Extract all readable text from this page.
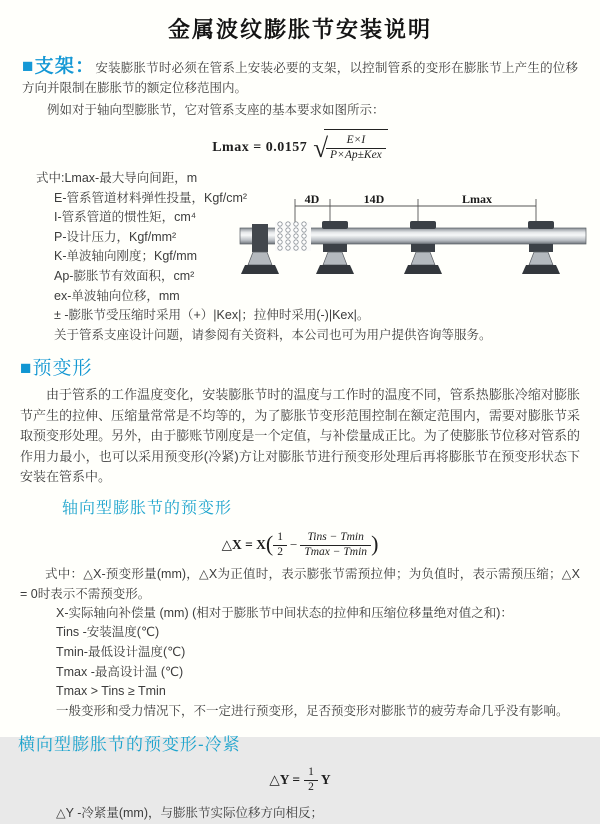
金属波纹膨胀节安装说明

■支架：安装膨胀节时必须在管系上安装必要的支架，以控制管系的变形在膨胀节上产生的位移方向并限制在膨胀节的额定位移范围内。

例如对于轴向型膨胀节，它对管系支座的基本要求如图所示：

Lmax = 0.0157 √
$\frac{E\times I}{\text{P×Ap±Kex}}$

式中:Lmax-最大导向间距，m

E-管系管道材料弹性投量，Kgf/cm²

I-管系管道的惯性矩，cm⁴

P-设计压力，Kgf/mm²

K-单波轴向刚度；Kgf/mm

Ap-膨胀节有效面积，cm²

ex-单波轴向位移，mm

± -膨胀节受压缩时采用（+）|Kex|；拉伸时采用(-)|Kex|。

关于管系支座设计问题，请参阅有关资料，本公司也可为用户提供咨询等服务。

4D	14D	Lmax
■预变形

由于管系的工作温度变化，安装膨胀节时的温度与工作时的温度不同，管系热膨胀冷缩对膨胀节产生的拉伸、压缩量常常是不均等的，为了膨胀节变形范围控制在额定范围内，需要对膨胀节采取预变形处理。另外，由于膨账节刚度是一个定值，与补偿量成正比。为了使膨胀节位移对管系的作用力最小，也可以采用预变形(冷紧)方让对膨胀节进行预变形处理后再将膨胀节在预变形状态下安装在管系中。

轴向型膨胀节的预变形
△X = $X( \frac{1}{2} - \frac{\text{Tins − Tmin}}{Tmax - Tmin}$ )

式中：△X-预变形量(mm)，△X为正值时，表示膨张节需预拉伸；为负值时，表示需预压缩；△X = 0时表示不需预变形。

X-实际轴向补偿量 (mm) (相对于膨胀节中间状态的拉伸和压缩位移量绝对值之和)：

Tins -安装温度(℃)

Tmin-最低设计温度(℃)

Tmax -最高设计温 (℃)

Tmax > Tins ≥ Tmin

一般变形和受力情况下，不一定进行预变形，足否预变形对膨胀节的疲劳寿命几乎没有影响。

横向型膨胀节的预变形-冷紧
△Y = $\frac{1}{2}$ Y

△Y -冷紧量(mm)，与膨胀节实际位移方向相反；
